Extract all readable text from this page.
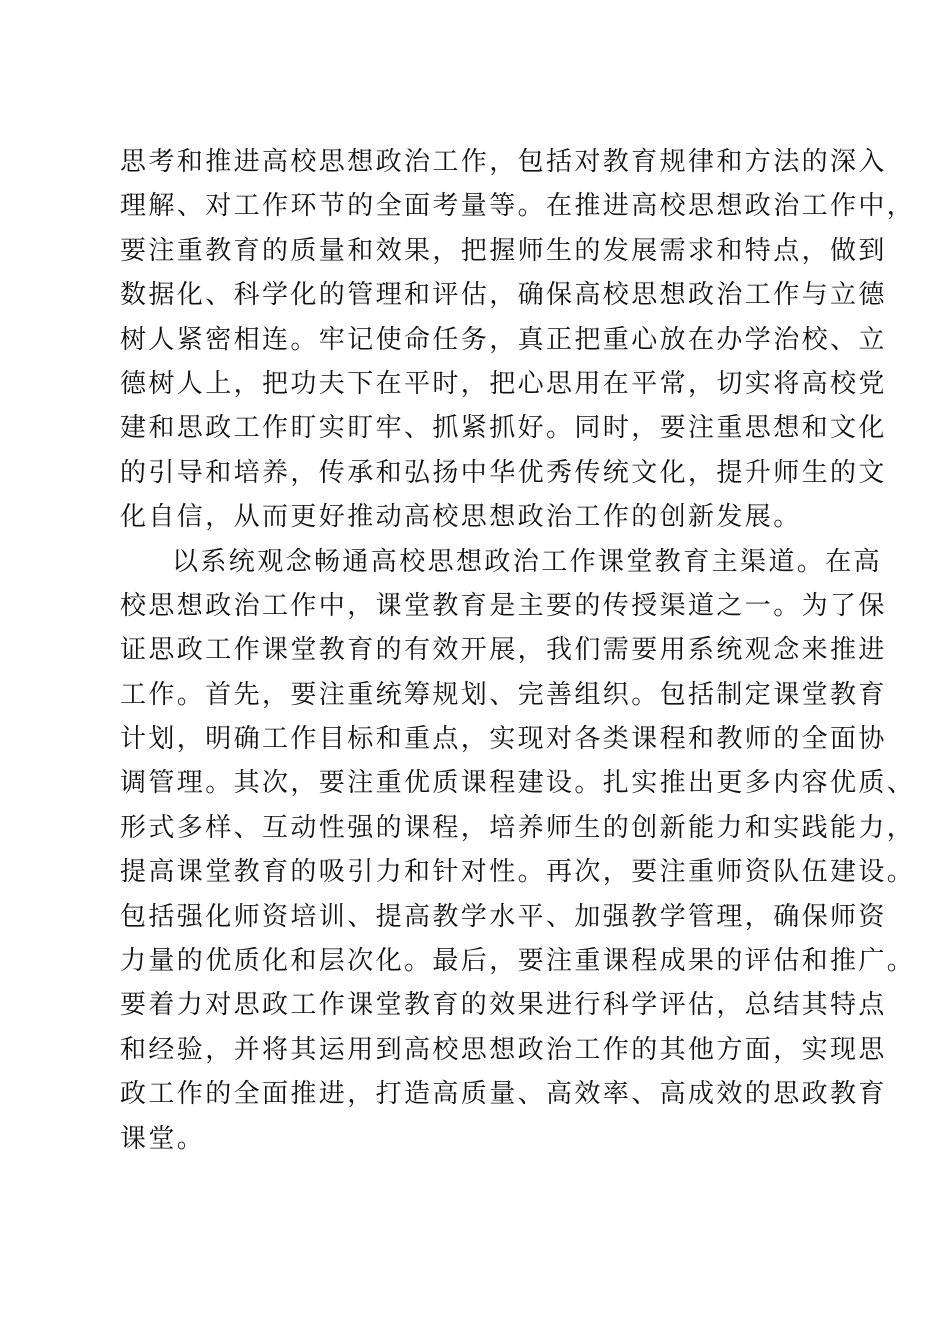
思考和推进高校思想政治工作，包括对教育规律和方法的深入
理解、对工作环节的全面考量等。在推进高校思想政治工作中，
要注重教育的质量和效果，把握师生的发展需求和特点，做到
数据化、科学化的管理和评估，确保高校思想政治工作与立德
树人紧密相连。牢记使命任务，真正把重心放在办学治校、立
德树人上，把功夫下在平时，把心思用在平常，切实将高校党
建和思政工作盯实盯牢、抓紧抓好。同时，要注重思想和文化
的引导和培养，传承和弘扬中华优秀传统文化，提升师生的文
化自信，从而更好推动高校思想政治工作的创新发展。

以系统观念畅通高校思想政治工作课堂教育主渠道。在高
校思想政治工作中，课堂教育是主要的传授渠道之一。为了保
证思政工作课堂教育的有效开展，我们需要用系统观念来推进
工作。首先，要注重统筹规划、完善组织。包括制定课堂教育
计划，明确工作目标和重点，实现对各类课程和教师的全面协
调管理。其次，要注重优质课程建设。扎实推出更多内容优质、
形式多样、互动性强的课程，培养师生的创新能力和实践能力，
提高课堂教育的吸引力和针对性。再次，要注重师资队伍建设。
包括强化师资培训、提高教学水平、加强教学管理，确保师资
力量的优质化和层次化。最后，要注重课程成果的评估和推广。
要着力对思政工作课堂教育的效果进行科学评估，总结其特点
和经验，并将其运用到高校思想政治工作的其他方面，实现思
政工作的全面推进，打造高质量、高效率、高成效的思政教育
课堂。
